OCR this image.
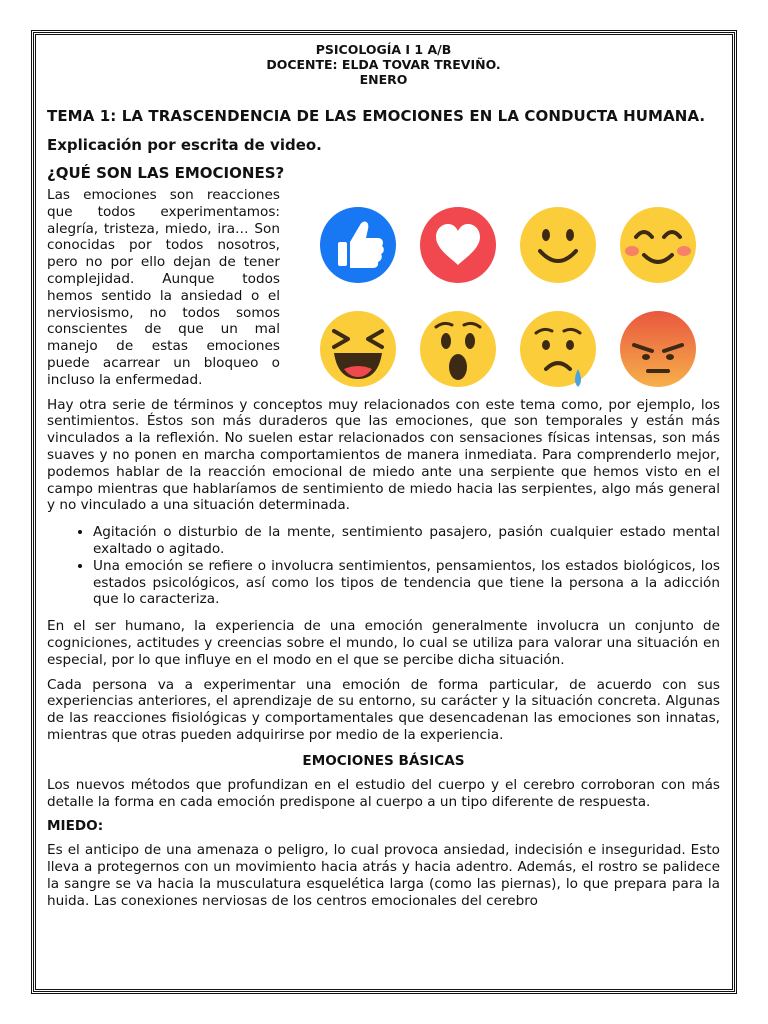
PSICOLOGÍA I 1 A/B
DOCENTE: ELDA TOVAR TREVIÑO.
ENERO
TEMA 1: LA TRASCENDENCIA DE LAS EMOCIONES EN LA CONDUCTA HUMANA.
Explicación por escrita de video.
¿QUÉ SON LAS EMOCIONES?

Las emociones son reacciones que todos experimentamos: alegría, tristeza, miedo, ira… Son conocidas por todos nosotros, pero no por ello dejan de tener complejidad. Aunque todos hemos sentido la ansiedad o el nerviosismo, no todos somos conscientes de que un mal manejo de estas emociones puede acarrear un bloqueo o incluso la enfermedad.

Hay otra serie de términos y conceptos muy relacionados con este tema como, por ejemplo, los sentimientos. Éstos son más duraderos que las emociones, que son temporales y están más vinculados a la reflexión. No suelen estar relacionados con sensaciones físicas intensas, son más suaves y no ponen en marcha comportamientos de manera inmediata. Para comprenderlo mejor, podemos hablar de la reacción emocional de miedo ante una serpiente que hemos visto en el campo mientras que hablaríamos de sentimiento de miedo hacia las serpientes, algo más general y no vinculado a una situación determinada.

• Agitación o disturbio de la mente, sentimiento pasajero, pasión cualquier estado mental exaltado o agitado.
• Una emoción se refiere o involucra sentimientos, pensamientos, los estados biológicos, los estados psicológicos, así como los tipos de tendencia que tiene la persona a la adicción que lo caracteriza.

En el ser humano, la experiencia de una emoción generalmente involucra un conjunto de cogniciones, actitudes y creencias sobre el mundo, lo cual se utiliza para valorar una situación en especial, por lo que influye en el modo en el que se percibe dicha situación.

Cada persona va a experimentar una emoción de forma particular, de acuerdo con sus experiencias anteriores, el aprendizaje de su entorno, su carácter y la situación concreta. Algunas de las reacciones fisiológicas y comportamentales que desencadenan las emociones son innatas, mientras que otras pueden adquirirse por medio de la experiencia.

EMOCIONES BÁSICAS

Los nuevos métodos que profundizan en el estudio del cuerpo y el cerebro corroboran con más detalle la forma en cada emoción predispone al cuerpo a un tipo diferente de respuesta.

MIEDO:

Es el anticipo de una amenaza o peligro, lo cual provoca ansiedad, indecisión e inseguridad. Esto lleva a protegernos con un movimiento hacia atrás y hacia adentro. Además, el rostro se palidece la sangre se va hacia la musculatura esquelética larga (como las piernas), lo que prepara para la huida. Las conexiones nerviosas de los centros emocionales del cerebro
